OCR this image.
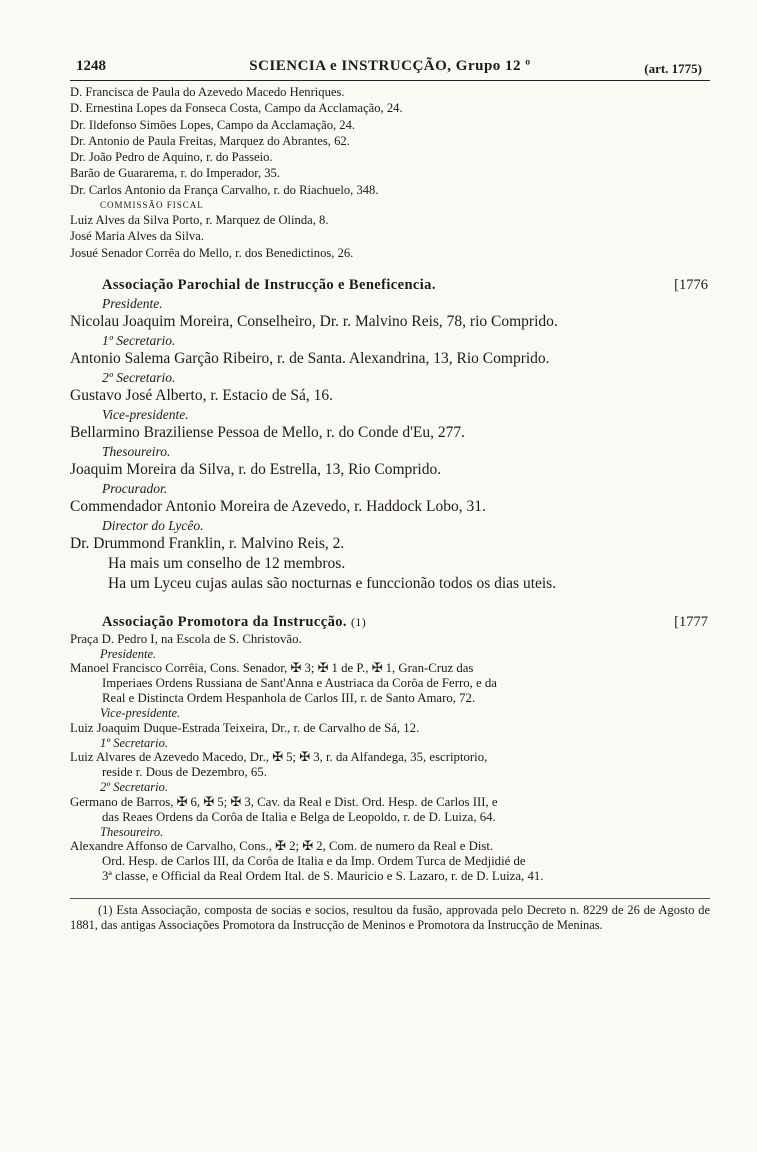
1248	SCIENCIA e INSTRUCÇÃO, Grupo 12 º	(art. 1775)
D. Francisca de Paula do Azevedo Macedo Henriques.
D. Ernestina Lopes da Fonseca Costa, Campo da Acclamação, 24.
Dr. Ildefonso Simões Lopes, Campo da Acclamação, 24.
Dr. Antonio de Paula Freitas, Marquez do Abrantes, 62.
Dr. João Pedro de Aquino, r. do Passeio.
Barão de Guararema, r. do Imperador, 35.
Dr. Carlos Antonio da França Carvalho, r. do Riachuelo, 348.
COMMISSÃO FISCAL
Luiz Alves da Silva Porto, r. Marquez de Olinda, 8.
José Maria Alves da Silva.
Josué Senador Corrêa do Mello, r. dos Benedictinos, 26.
Associação Parochial de Instrucção e Beneficencia.	[1776
Presidente.
Nicolau Joaquim Moreira, Conselheiro, Dr. r. Malvino Reis, 78, rio Comprido.
1º Secretario.
Antonio Salema Garção Ribeiro, r. de Santa. Alexandrina, 13, Rio Comprido.
2º Secretario.
Gustavo José Alberto, r. Estacio de Sá, 16.
Vice-presidente.
Bellarmino Braziliense Pessoa de Mello, r. do Conde d'Eu, 277.
Thesoureiro.
Joaquim Moreira da Silva, r. do Estrella, 13, Rio Comprido.
Procurador.
Commendador Antonio Moreira de Azevedo, r. Haddock Lobo, 31.
Director do Lycêo.
Dr. Drummond Franklin, r. Malvino Reis, 2.
Ha mais um conselho de 12 membros.
Ha um Lyceu cujas aulas são nocturnas e funccionão todos os dias uteis.
Associação Promotora da Instrucção. (1)	[1777
Praça D. Pedro I, na Escola de S. Christovão.
Presidente.
Manoel Francisco Corrêia, Cons. Senador, ✠ 3; ✠ 1 de P., ✠ 1, Gran-Cruz das
Imperiaes Ordens Russiana de Sant'Anna e Austriaca da Corôa de Ferro, e da
Real e Distincta Ordem Hespanhola de Carlos III, r. de Santo Amaro, 72.
Vice-presidente.
Luiz Joaquim Duque-Estrada Teixeira, Dr., r. de Carvalho de Sá, 12.
1º Secretario.
Luiz Alvares de Azevedo Macedo, Dr., ✠ 5; ✠ 3, r. da Alfandega, 35, escriptorio,
reside r. Dous de Dezembro, 65.
2º Secretario.
Germano de Barros, ✠ 6, ✠ 5; ✠ 3, Cav. da Real e Dist. Ord. Hesp. de Carlos III, e
das Reaes Ordens da Corôa de Italia e Belga de Leopoldo, r. de D. Luiza, 64.
Thesoureiro.
Alexandre Affonso de Carvalho, Cons., ✠ 2; ✠ 2, Com. de numero da Real e Dist.
Ord. Hesp. de Carlos III, da Corôa de Italia e da Imp. Ordem Turca de Medjidié de
3ª classe, e Official da Real Ordem Ital. de S. Mauricio e S. Lazaro, r. de D. Luiza, 41.
(1) Esta Associação, composta de socias e socios, resultou da fusão, approvada pelo Decreto n. 8229 de 26 de Agosto de 1881, das antigas Associações Promotora da Instrucção de Meninos e Promotora da Instrucção de Meninas.
